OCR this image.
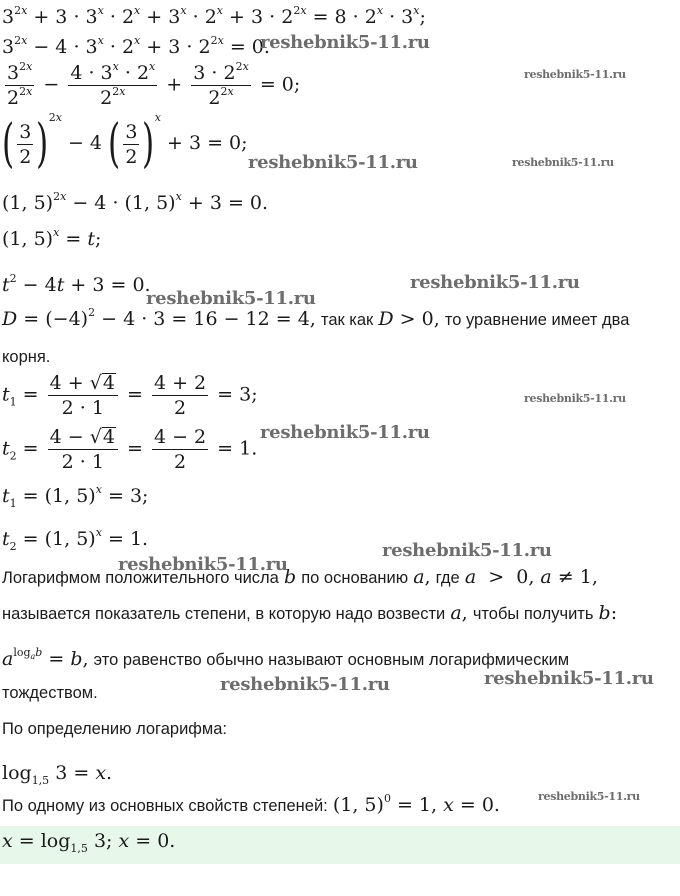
$3^{2x} + 3 \cdot 3^x \cdot 2^x + 3^x \cdot 2^x + 3 \cdot 2^{2x} = 8 \cdot 2^x \cdot 3^x$;
$3^{2x} - 4 \cdot 3^x \cdot 2^x + 3 \cdot 2^{2x} = 0$.
$\frac{3^{2x}}{2^{2x}} - \frac{4 \cdot 3^x \cdot 2^x}{2^{2x}} + \frac{3 \cdot 2^{2x}}{2^{2x}} = 0$;
( $\frac{3}{2} )^{2x} - 4$ ( $\frac{3}{2} )^x + 3 = 0$;
(1, 5)$^{2x}$ − 4 · (1, 5)$^x$ + 3 = 0.
(1, 5)$^x$ = t;
$t^2 - 4t + 3 = 0$.
$D = (-4)^2 - 4 \cdot 3 = 16 - 12 = 4$, так как D > 0, то уравнение имеет два
корня.
$t_1 = \frac{4 + √4}{2 \cdot 1} = \frac{4 + 2}{2} = 3$;
$t_2 = \frac{4 - √4}{2 \cdot 1} = \frac{4 - 2}{2} = 1$.
$t_1 = (1$, 5)$^x$ = 3;
$t_2 = (1$, 5)$^x$ = 1.
Логарифмом положительного числа b по основанию a, где a  >  0, a ≠ 1,
называется показатель степени, в которую надо возвести a, чтобы получить b:
$a^{log_ab} = b$, это равенство обычно называют основным логарифмическим
тождеством.
По определению логарифма:
$\log_{1,5} 3 = x$.
По одному из основных свойств степеней: (1, 5)$^0$ = 1, x = 0.
$x = \log_{1,5} 3$; x = 0.
reshebnik5-11.ru
reshebnik5-11.ru
reshebnik5-11.ru	reshebnik5-11.ru
reshebnik5-11.ru
reshebnik5-11.ru
reshebnik5-11.ru
reshebnik5-11.ru
reshebnik5-11.ru
reshebnik5-11.ru
reshebnik5-11.ru	reshebnik5-11.ru
reshebnik5-11.ru
